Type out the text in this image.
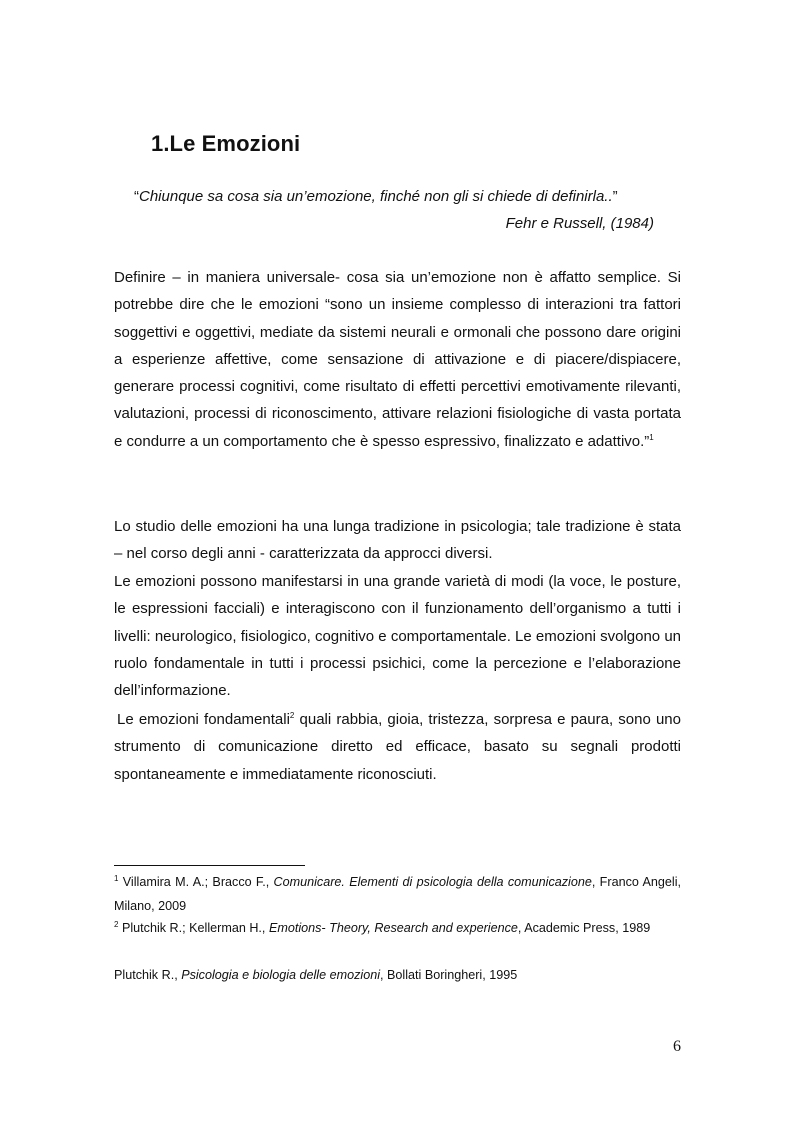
1.Le Emozioni

“Chiunque sa cosa sia un’emozione, finché non gli si chiede di definirla..”

Fehr e Russell, (1984)

Definire – in maniera universale- cosa sia un’emozione non è affatto semplice. Si potrebbe dire che le emozioni “sono un insieme complesso di interazioni tra fattori soggettivi e oggettivi, mediate da sistemi neurali e ormonali che possono dare origini a esperienze affettive, come sensazione di attivazione e di piacere/dispiacere, generare processi cognitivi, come risultato di effetti percettivi emotivamente rilevanti, valutazioni, processi di riconoscimento, attivare relazioni fisiologiche di vasta portata e condurre a un comportamento che è spesso espressivo, finalizzato e adattivo.”$^1$

Lo studio delle emozioni ha una lunga tradizione in psicologia; tale tradizione è stata – nel corso degli anni - caratterizzata da approcci diversi.

Le emozioni possono manifestarsi in una grande varietà di modi (la voce, le posture, le espressioni facciali) e interagiscono con il funzionamento dell’organismo a tutti i livelli: neurologico, fisiologico, cognitivo e comportamentale. Le emozioni svolgono un ruolo fondamentale in tutti i processi psichici, come la percezione e l’elaborazione dell’informazione.

Le emozioni fondamentali$^2$ quali rabbia, gioia, tristezza, sorpresa e paura, sono uno strumento di comunicazione diretto ed efficace, basato su segnali prodotti spontaneamente e immediatamente riconosciuti.

$^1$ Villamira M. A.; Bracco F., Comunicare. Elementi di psicologia della comunicazione, Franco Angeli, Milano, 2009

$^2$ Plutchik R.; Kellerman H., Emotions- Theory, Research and experience, Academic Press, 1989

Plutchik R., Psicologia e biologia delle emozioni, Bollati Boringheri, 1995

6
